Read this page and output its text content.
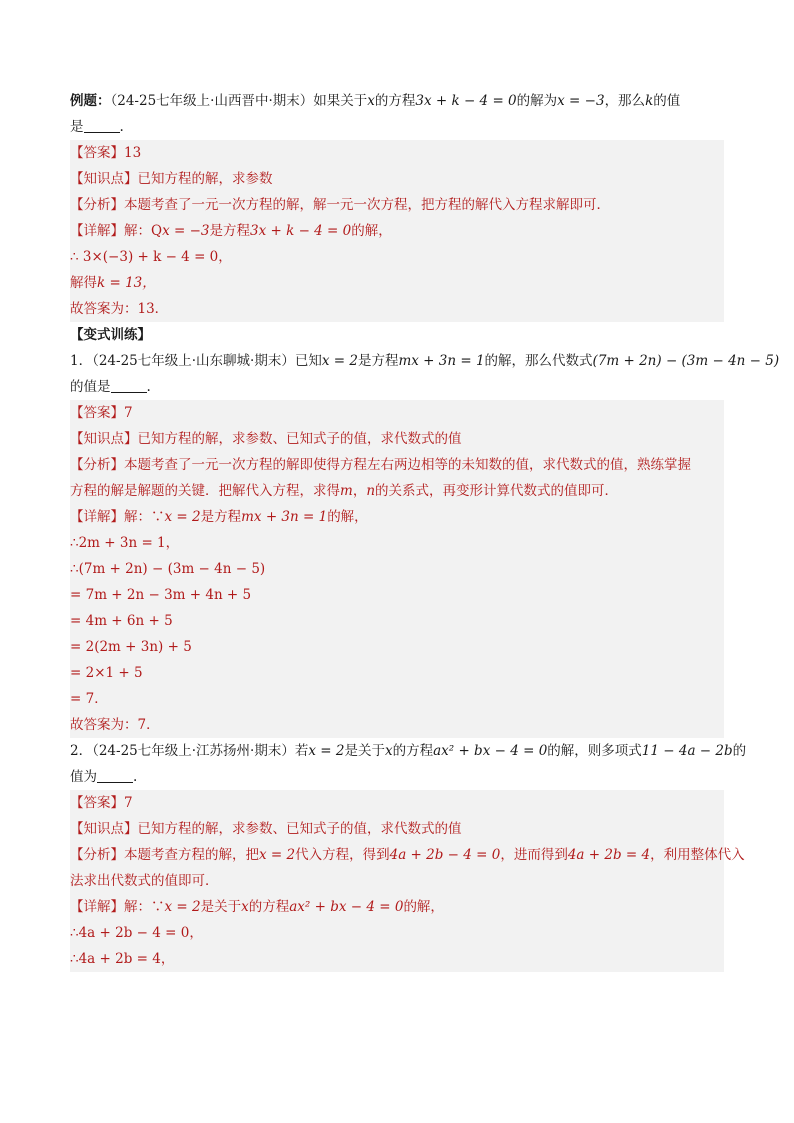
例题：（24-25七年级上·山西晋中·期末）如果关于x的方程3x + k − 4 = 0的解为x = −3，那么k的值
是	.
【答案】13
【知识点】已知方程的解，求参数
【分析】本题考查了一元一次方程的解，解一元一次方程，把方程的解代入方程求解即可．
【详解】解：Qx = −3是方程3x + k − 4 = 0的解，
∴ 3×(−3) + k − 4 = 0，
解得k = 13，
故答案为：13．
【变式训练】
1．（24-25七年级上·山东聊城·期末）已知x = 2是方程mx + 3n = 1的解，那么代数式(7m + 2n) − (3m − 4n − 5)
的值是	.
【答案】7
【知识点】已知方程的解，求参数、已知式子的值，求代数式的值
【分析】本题考查了一元一次方程的解即使得方程左右两边相等的未知数的值，求代数式的值，熟练掌握
方程的解是解题的关键．把解代入方程，求得m，n的关系式，再变形计算代数式的值即可．
【详解】解：∵x = 2是方程mx + 3n = 1的解，
∴2m + 3n = 1，
∴(7m + 2n) − (3m − 4n − 5)
= 7m + 2n − 3m + 4n + 5
= 4m + 6n + 5
= 2(2m + 3n) + 5
= 2×1 + 5
= 7．
故答案为：7．
2．（24-25七年级上·江苏扬州·期末）若x = 2是关于x的方程ax² + bx − 4 = 0的解，则多项式11 − 4a − 2b的
值为	.
【答案】7
【知识点】已知方程的解，求参数、已知式子的值，求代数式的值
【分析】本题考查方程的解，把x = 2代入方程，得到4a + 2b − 4 = 0，进而得到4a + 2b = 4，利用整体代入
法求出代数式的值即可．
【详解】解：∵x = 2是关于x的方程ax² + bx − 4 = 0的解，
∴4a + 2b − 4 = 0，
∴4a + 2b = 4，
